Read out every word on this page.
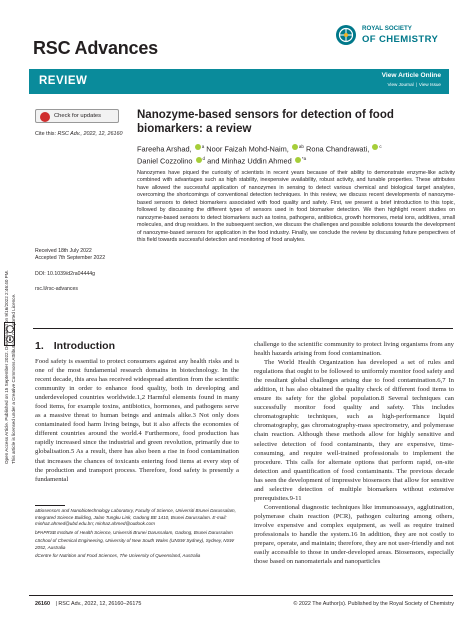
RSC Advances
ROYAL SOCIETY
OF CHEMISTRY
REVIEW	View Article Online
View Journal | View Issue
Open Access Article. Published on 15 September 2022. Downloaded on 9/16/2022 2:46:40 PM. This article is licensed under a Creative Commons Attribution 3.0 Unported Licence.
Check for updates
Cite this: RSC Adv., 2022, 12, 26160
Nanozyme-based sensors for detection of food biomarkers: a review
Fareeha Arshad, $^a$ Noor Faizah Mohd-Naim, $^{ab}$ Rona Chandrawati, $^c$
Daniel Cozzolino $^d$ and Minhaz Uddin Ahmed $^{*a}$

Nanozymes have piqued the curiosity of scientists in recent years because of their ability to demonstrate enzyme-like activity combined with advantages such as high stability, inexpensive availability, robust activity, and tunable properties. These attributes have allowed the successful application of nanozymes in sensing to detect various chemical and biological target analytes, overcoming the shortcomings of conventional detection techniques. In this review, we discuss recent developments of nanozyme-based sensors to detect biomarkers associated with food quality and safety. First, we present a brief introduction to this topic, followed by discussing the different types of sensors used in food biomarker detection. We then highlight recent studies on nanozyme-based sensors to detect biomarkers such as toxins, pathogens, antibiotics, growth hormones, metal ions, additives, small molecules, and drug residues. In the subsequent section, we discuss the challenges and possible solutions towards the development of nanozyme-based sensors for application in the food industry. Finally, we conclude the review by discussing future perspectives of this field towards successful detection and monitoring of food analytes.

Received 18th July 2022
Accepted 7th September 2022
DOI: 10.1039/d2ra04444g
rsc.li/rsc-advances
1. Introduction

Food safety is essential to protect consumers against any health risks and is one of the most fundamental research domains in biotechnology. In the recent decade, this area has received widespread attention from the scientific community in order to enhance food quality, both in developing and underdeveloped countries worldwide.1,2 Harmful elements found in many food items, for example toxins, antibiotics, hormones, and pathogens serve as a massive threat to human beings and animals alike.3 Not only does contaminated food harm living beings, but it also affects the economies of different countries around the world.4 Furthermore, food production has rapidly increased since the industrial and green revolution, primarily due to globalisation.5 As a result, there has also been a rise in food contamination that increases the chances of toxicants entering food items at every step of the production and transport process. Therefore, food safety is presently a fundamental

challenge to the scientific community to protect living organisms from any health hazards arising from food contamination.

The World Health Organization has developed a set of rules and regulations that ought to be followed to uniformly monitor food safety and the resultant global challenges arising due to food contamination.6,7 In addition, it has also obtained the quality check of different food items to ensure its safety for the global population.8 Several techniques can successfully monitor food quality and safety. This includes chromatographic techniques, such as high-performance liquid chromatography, gas chromatography-mass spectrometry, and polymerase chain reaction. Although these methods allow for highly sensitive and selective detection of food contaminants, they are expensive, time-consuming, and require well-trained professionals to implement the procedure. This calls for alternate options that perform rapid, on-site detection and quantification of food contaminants. The previous decade has seen the development of impressive biosensors that allow for sensitive and selective detection of multiple biomarkers without extensive prerequisites.9-11

Conventional diagnostic techniques like immunoassays, agglutination, polymerase chain reaction (PCR), pathogen culturing among others, involve expensive and complex equipment, as well as require trained professionals to handle the system.16 In addition, they are not costly to prepare, operate, and maintain; therefore, they are not user-friendly and not easily accessible to those in under-developed areas. Biosensors, especially those based on nanomaterials and nanoparticles

aBiosensors and Nanobiotechnology Laboratory, Faculty of Science, Universiti Brunei Darussalam, Integrated Science Building, Jalan Tungku Link, Gadong BE 1410, Brunei Darussalam. E-mail: minhaz.ahmed@ubd.edu.bn; minhaz.ahmed@outlook.com

bPAPRSB Institute of Health Science, Universiti Brunei Darussalam, Gadong, Brunei Darussalam

cSchool of Chemical Engineering, University of New South Wales (UNSW Sydney), Sydney, NSW 2052, Australia

dCentre for Nutrition and Food Sciences, The University of Queensland, Australia

26160 | RSC Adv., 2022, 12, 26160–26175	© 2022 The Author(s). Published by the Royal Society of Chemistry
